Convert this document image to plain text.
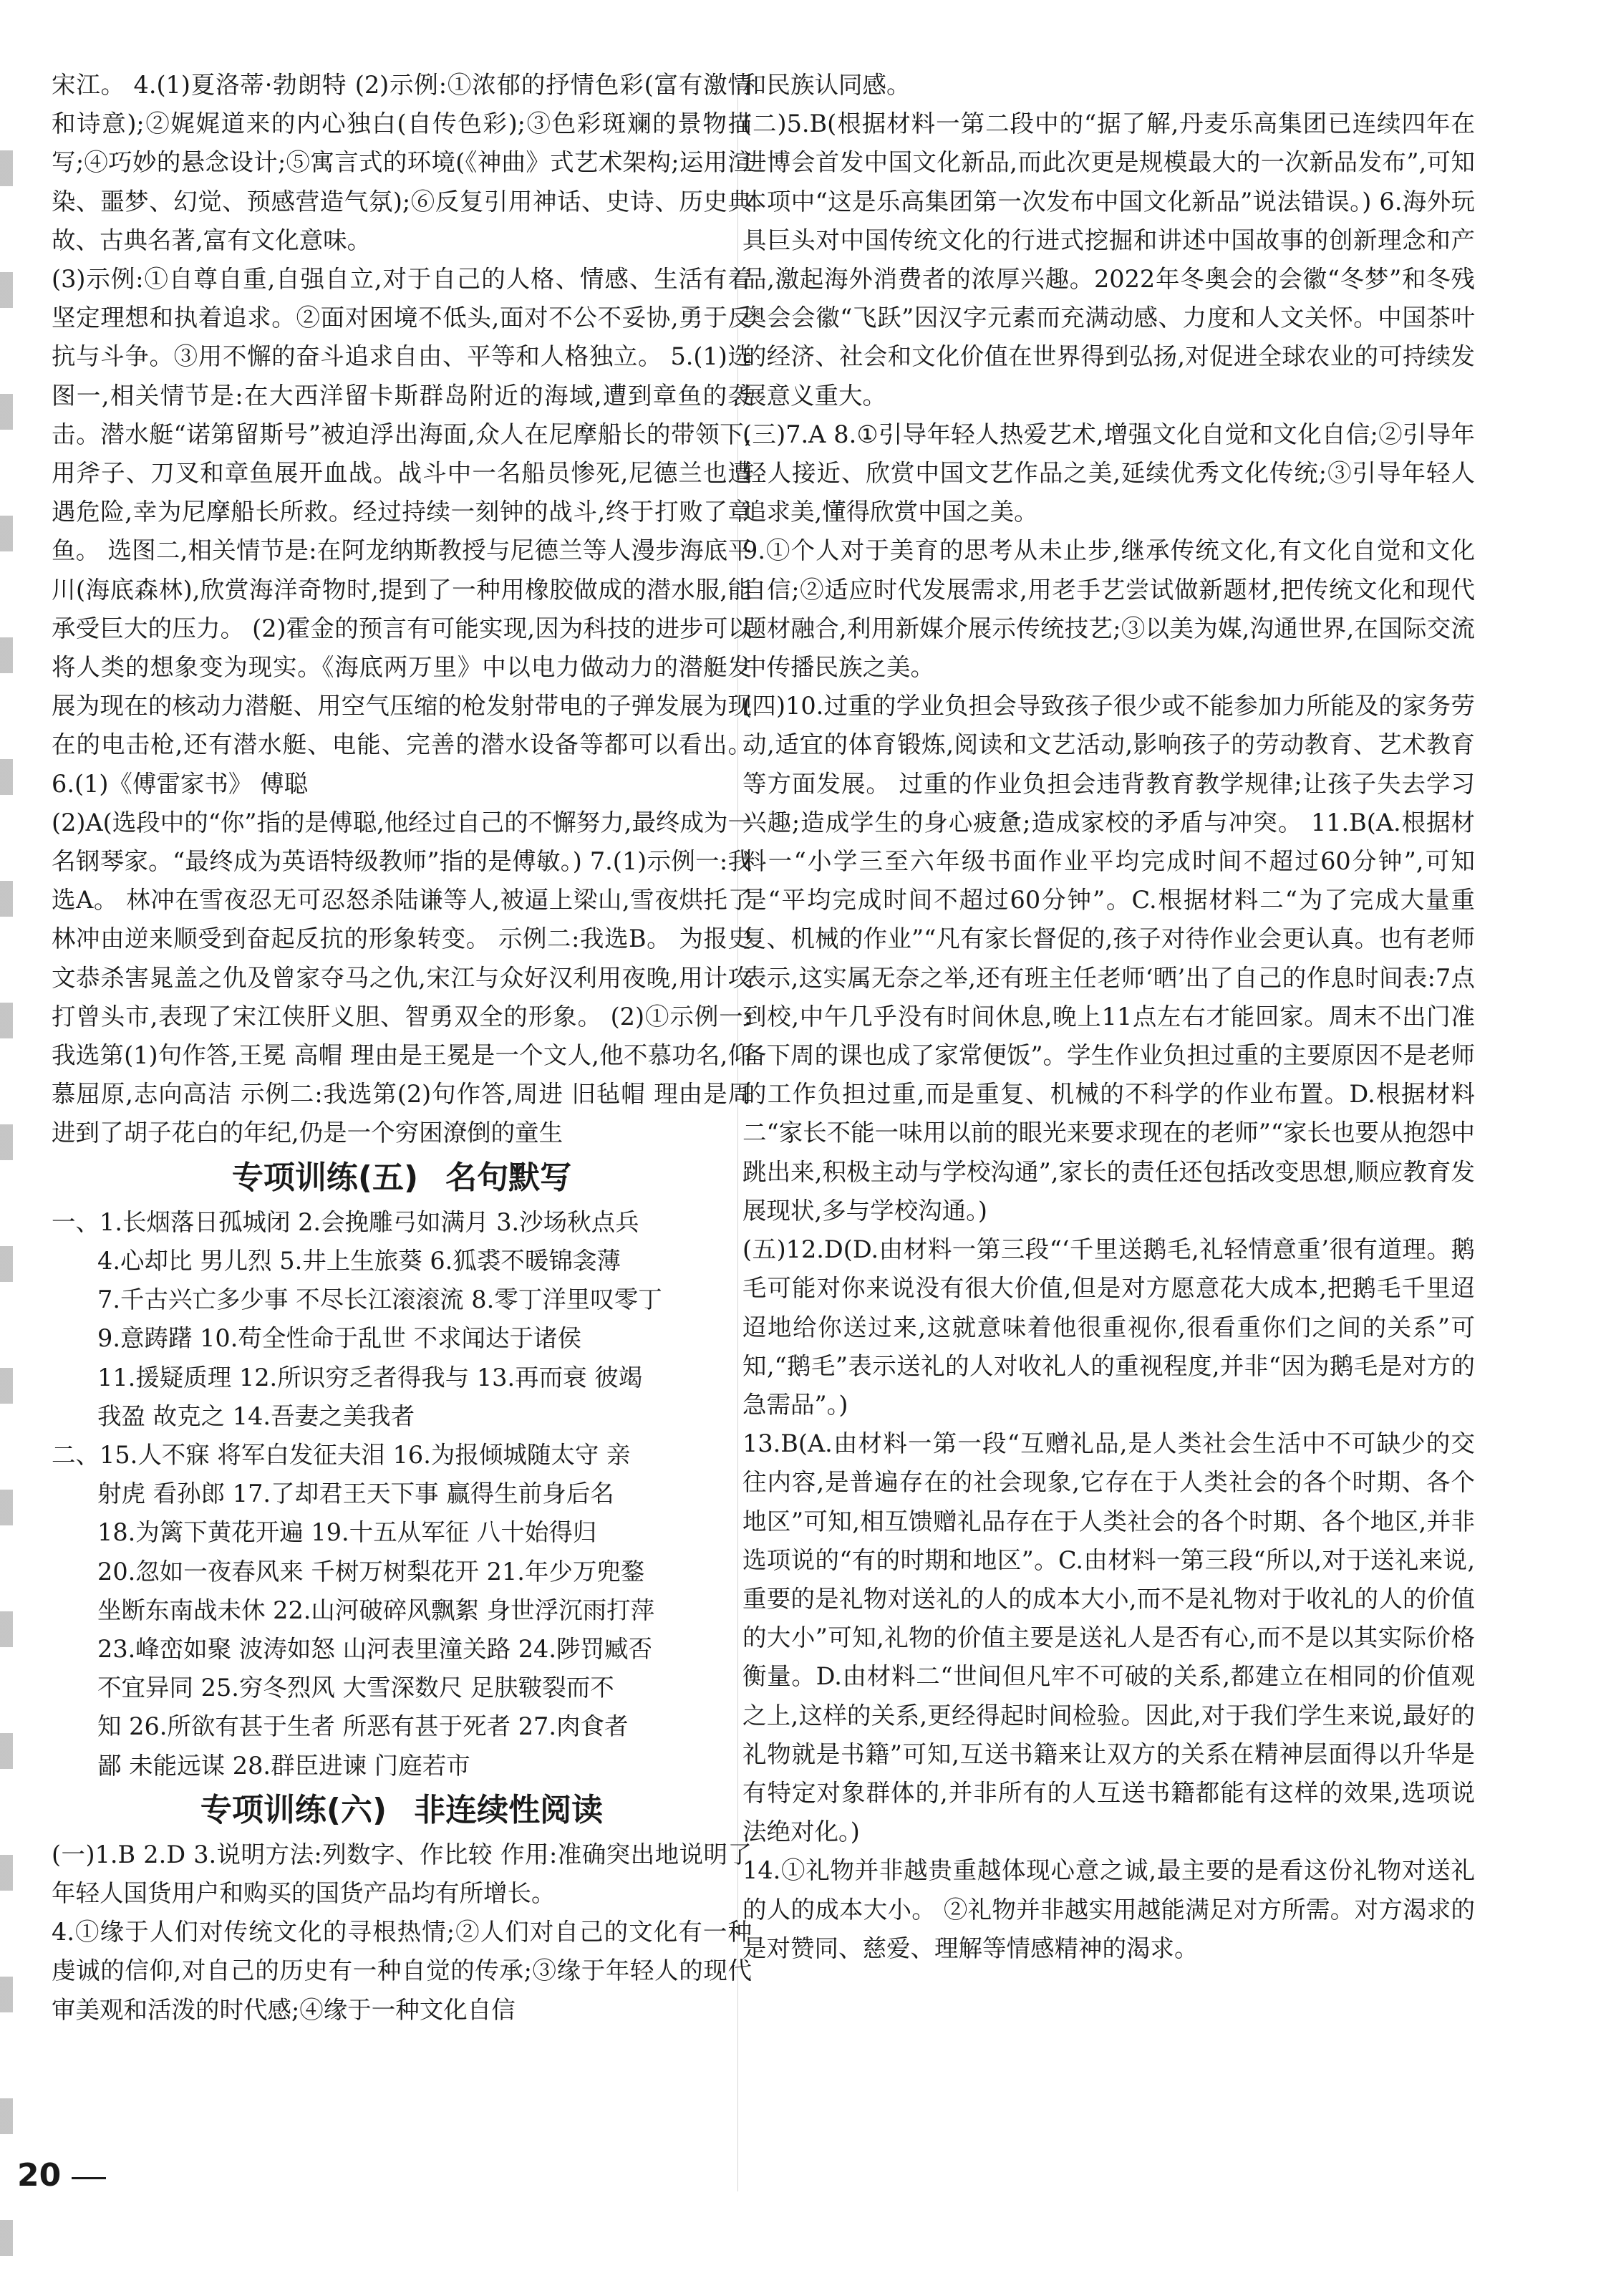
宋江。 4.(1)夏洛蒂·勃朗特 (2)示例:①浓郁的抒情色彩(富有激情和诗意);②娓娓道来的内心独白(自传色彩);③色彩斑斓的景物描写;④巧妙的悬念设计;⑤寓言式的环境(《神曲》式艺术架构;运用渲染、噩梦、幻觉、预感营造气氛);⑥反复引用神话、史诗、历史典故、古典名著,富有文化意味。

(3)示例:①自尊自重,自强自立,对于自己的人格、情感、生活有着坚定理想和执着追求。②面对困境不低头,面对不公不妥协,勇于反抗与斗争。③用不懈的奋斗追求自由、平等和人格独立。 5.(1)选图一,相关情节是:在大西洋留卡斯群岛附近的海域,遭到章鱼的袭击。潜水艇“诺第留斯号”被迫浮出海面,众人在尼摩船长的带领下,用斧子、刀叉和章鱼展开血战。战斗中一名船员惨死,尼德兰也遭遇危险,幸为尼摩船长所救。经过持续一刻钟的战斗,终于打败了章鱼。 选图二,相关情节是:在阿龙纳斯教授与尼德兰等人漫步海底平川(海底森林),欣赏海洋奇物时,提到了一种用橡胶做成的潜水服,能承受巨大的压力。 (2)霍金的预言有可能实现,因为科技的进步可以将人类的想象变为现实。《海底两万里》中以电力做动力的潜艇发展为现在的核动力潜艇、用空气压缩的枪发射带电的子弹发展为现在的电击枪,还有潜水艇、电能、完善的潜水设备等都可以看出。 6.(1)《傅雷家书》 傅聪

(2)A(选段中的“你”指的是傅聪,他经过自己的不懈努力,最终成为一名钢琴家。“最终成为英语特级教师”指的是傅敏。) 7.(1)示例一:我选A。 林冲在雪夜忍无可忍怒杀陆谦等人,被逼上梁山,雪夜烘托了林冲由逆来顺受到奋起反抗的形象转变。 示例二:我选B。 为报史文恭杀害晁盖之仇及曾家夺马之仇,宋江与众好汉利用夜晚,用计攻打曾头市,表现了宋江侠肝义胆、智勇双全的形象。 (2)①示例一:我选第(1)句作答,王冕 高帽 理由是王冕是一个文人,他不慕功名,仰慕屈原,志向高洁 示例二:我选第(2)句作答,周进 旧毡帽 理由是周进到了胡子花白的年纪,仍是一个穷困潦倒的童生

专项训练(五) 名句默写

一、1.长烟落日孤城闭 2.会挽雕弓如满月 3.沙场秋点兵

4.心却比 男儿烈 5.井上生旅葵 6.狐裘不暖锦衾薄

7.千古兴亡多少事 不尽长江滚滚流 8.零丁洋里叹零丁

9.意踌躇 10.苟全性命于乱世 不求闻达于诸侯

11.援疑质理 12.所识穷乏者得我与 13.再而衰 彼竭

我盈 故克之 14.吾妻之美我者

二、15.人不寐 将军白发征夫泪 16.为报倾城随太守 亲

射虎 看孙郎 17.了却君王天下事 赢得生前身后名

18.为篱下黄花开遍 19.十五从军征 八十始得归

20.忽如一夜春风来 千树万树梨花开 21.年少万兜鍪

坐断东南战未休 22.山河破碎风飘絮 身世浮沉雨打萍

23.峰峦如聚 波涛如怒 山河表里潼关路 24.陟罚臧否

不宜异同 25.穷冬烈风 大雪深数尺 足肤皲裂而不

知 26.所欲有甚于生者 所恶有甚于死者 27.肉食者

鄙 未能远谋 28.群臣进谏 门庭若市

专项训练(六) 非连续性阅读

(一)1.B 2.D 3.说明方法:列数字、作比较 作用:准确突出地说明了年轻人国货用户和购买的国货产品均有所增长。

4.①缘于人们对传统文化的寻根热情;②人们对自己的文化有一种虔诚的信仰,对自己的历史有一种自觉的传承;③缘于年轻人的现代审美观和活泼的时代感;④缘于一种文化自信

和民族认同感。

(二)5.B(根据材料一第二段中的“据了解,丹麦乐高集团已连续四年在进博会首发中国文化新品,而此次更是规模最大的一次新品发布”,可知本项中“这是乐高集团第一次发布中国文化新品”说法错误。) 6.海外玩具巨头对中国传统文化的行进式挖掘和讲述中国故事的创新理念和产品,激起海外消费者的浓厚兴趣。2022年冬奥会的会徽“冬梦”和冬残奥会会徽“飞跃”因汉字元素而充满动感、力度和人文关怀。中国茶叶的经济、社会和文化价值在世界得到弘扬,对促进全球农业的可持续发展意义重大。

(三)7.A 8.①引导年轻人热爱艺术,增强文化自觉和文化自信;②引导年轻人接近、欣赏中国文艺作品之美,延续优秀文化传统;③引导年轻人追求美,懂得欣赏中国之美。

9.①个人对于美育的思考从未止步,继承传统文化,有文化自觉和文化自信;②适应时代发展需求,用老手艺尝试做新题材,把传统文化和现代题材融合,利用新媒介展示传统技艺;③以美为媒,沟通世界,在国际交流中传播民族之美。

(四)10.过重的学业负担会导致孩子很少或不能参加力所能及的家务劳动,适宜的体育锻炼,阅读和文艺活动,影响孩子的劳动教育、艺术教育等方面发展。 过重的作业负担会违背教育教学规律;让孩子失去学习兴趣;造成学生的身心疲惫;造成家校的矛盾与冲突。 11.B(A.根据材料一“小学三至六年级书面作业平均完成时间不超过60分钟”,可知是“平均完成时间不超过60分钟”。C.根据材料二“为了完成大量重复、机械的作业”“凡有家长督促的,孩子对待作业会更认真。也有老师表示,这实属无奈之举,还有班主任老师‘晒’出了自己的作息时间表:7点到校,中午几乎没有时间休息,晚上11点左右才能回家。周末不出门准备下周的课也成了家常便饭”。学生作业负担过重的主要原因不是老师的工作负担过重,而是重复、机械的不科学的作业布置。D.根据材料二“家长不能一味用以前的眼光来要求现在的老师”“家长也要从抱怨中跳出来,积极主动与学校沟通”,家长的责任还包括改变思想,顺应教育发展现状,多与学校沟通。)

(五)12.D(D.由材料一第三段“‘千里送鹅毛,礼轻情意重’很有道理。鹅毛可能对你来说没有很大价值,但是对方愿意花大成本,把鹅毛千里迢迢地给你送过来,这就意味着他很重视你,很看重你们之间的关系”可知,“鹅毛”表示送礼的人对收礼人的重视程度,并非“因为鹅毛是对方的急需品”。)

13.B(A.由材料一第一段“互赠礼品,是人类社会生活中不可缺少的交往内容,是普遍存在的社会现象,它存在于人类社会的各个时期、各个地区”可知,相互馈赠礼品存在于人类社会的各个时期、各个地区,并非选项说的“有的时期和地区”。C.由材料一第三段“所以,对于送礼来说,重要的是礼物对送礼的人的成本大小,而不是礼物对于收礼的人的价值的大小”可知,礼物的价值主要是送礼人是否有心,而不是以其实际价格衡量。D.由材料二“世间但凡牢不可破的关系,都建立在相同的价值观之上,这样的关系,更经得起时间检验。因此,对于我们学生来说,最好的礼物就是书籍”可知,互送书籍来让双方的关系在精神层面得以升华是有特定对象群体的,并非所有的人互送书籍都能有这样的效果,选项说法绝对化。)

14.①礼物并非越贵重越体现心意之诚,最主要的是看这份礼物对送礼的人的成本大小。 ②礼物并非越实用越能满足对方所需。对方渴求的是对赞同、慈爱、理解等情感精神的渴求。

20
